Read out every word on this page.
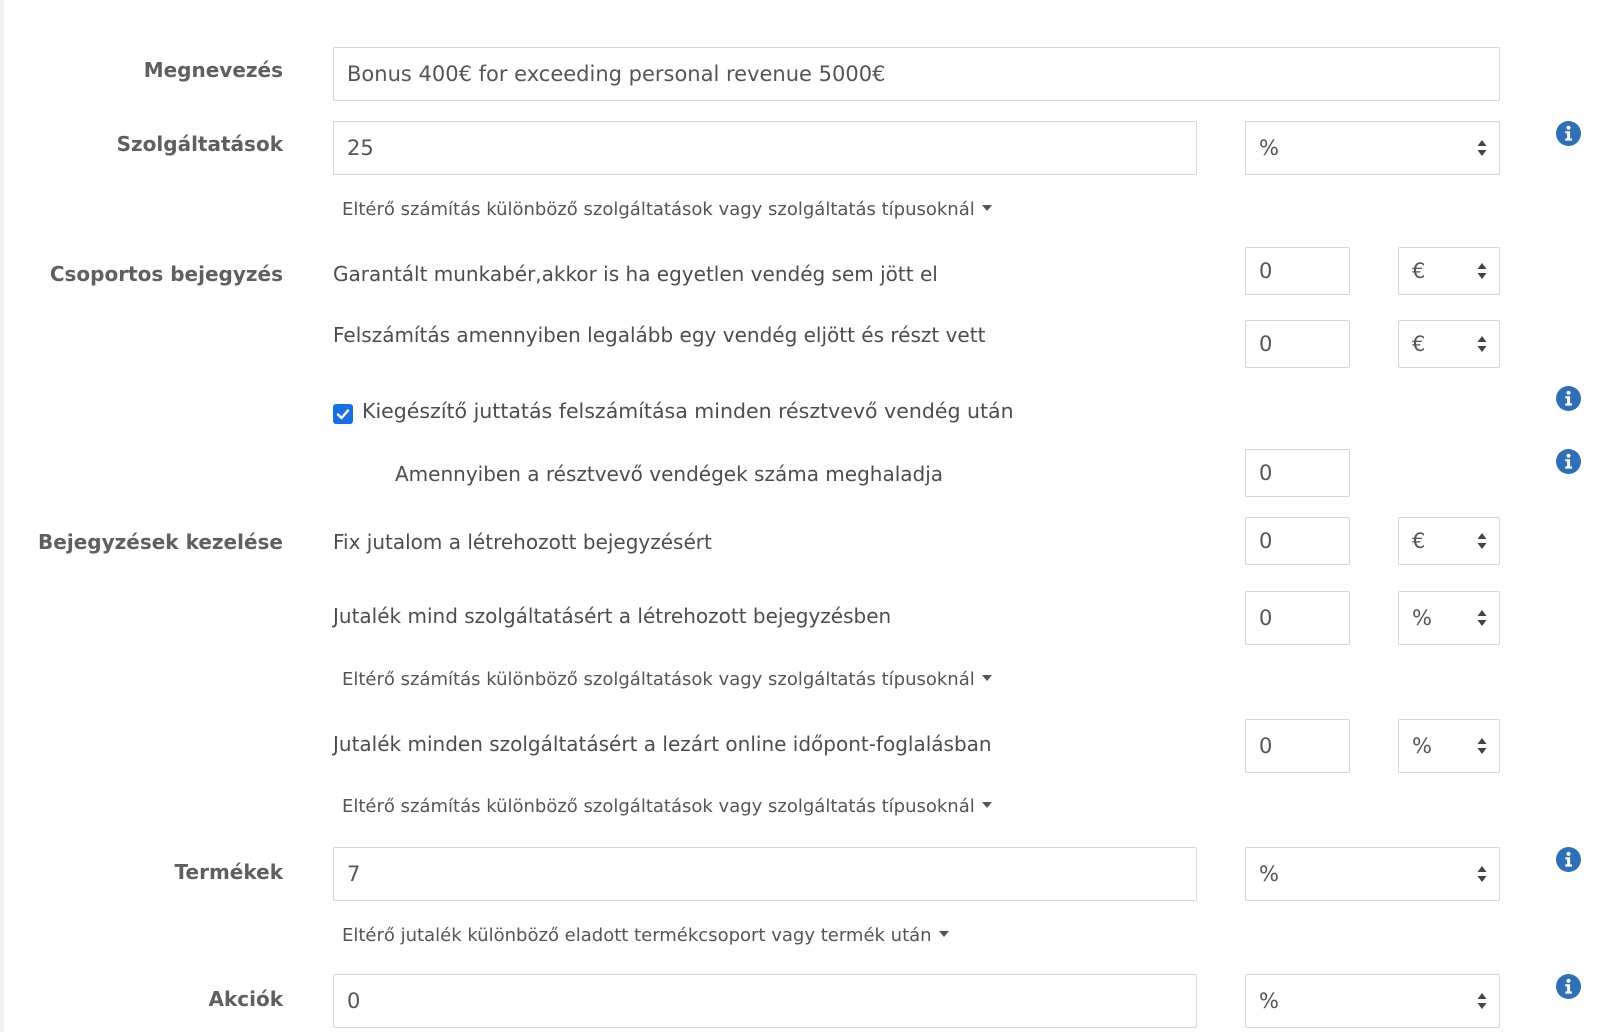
Megnevezés
Bonus 400€ for exceeding personal revenue 5000€
Szolgáltatások
25	%
Eltérő számítás különböző szolgáltatások vagy szolgáltatás típusoknál
Csoportos bejegyzés	Garantált munkabér,akkor is ha egyetlen vendég sem jött el
0	€
Felszámítás amennyiben legalább egy vendég eljött és részt vett
0	€
Kiegészítő juttatás felszámítása minden résztvevő vendég után
Amennyiben a résztvevő vendégek száma meghaladja
0
Bejegyzések kezelése	Fix jutalom a létrehozott bejegyzésért
0	€
Jutalék mind szolgáltatásért a létrehozott bejegyzésben
0	%
Eltérő számítás különböző szolgáltatások vagy szolgáltatás típusoknál
Jutalék minden szolgáltatásért a lezárt online időpont-foglalásban
0	%
Eltérő számítás különböző szolgáltatások vagy szolgáltatás típusoknál
Termékek
7	%
Eltérő jutalék különböző eladott termékcsoport vagy termék után
Akciók
0	%
